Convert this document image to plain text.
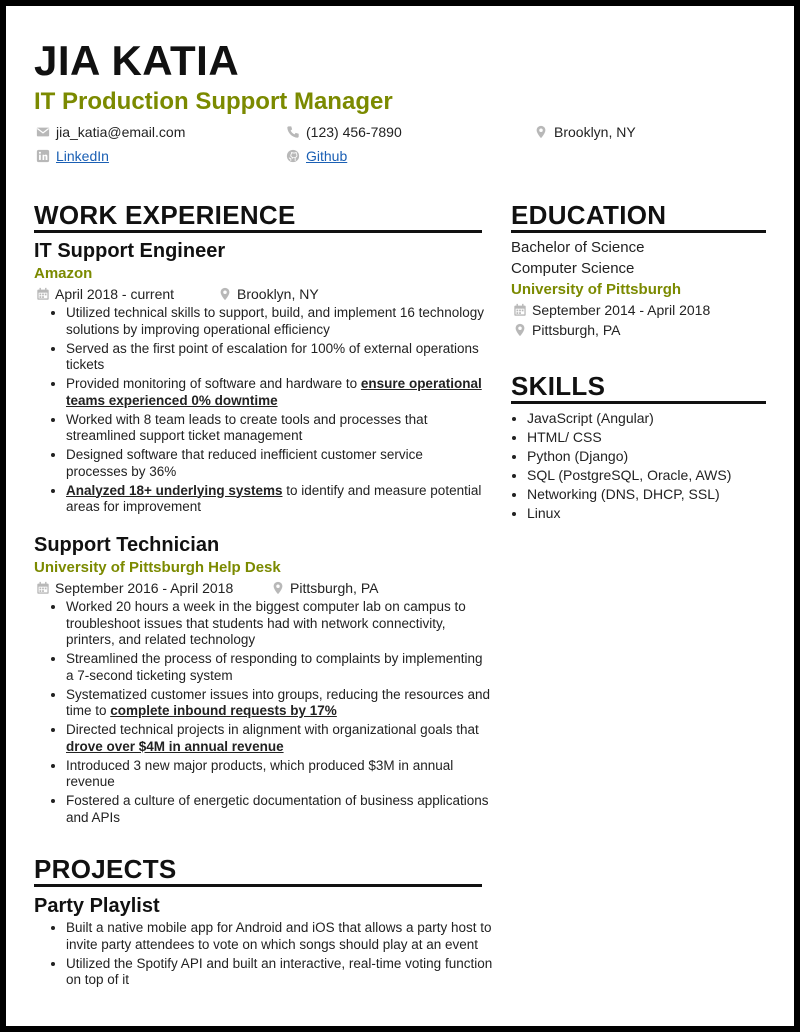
JIA KATIA
IT Production Support Manager
jia_katia@email.com	(123) 456-7890	Brooklyn, NY
LinkedIn	Github
WORK EXPERIENCE
IT Support Engineer
Amazon
April 2018 - current	Brooklyn, NY
• Utilized technical skills to support, build, and implement 16 technology solutions by improving operational efficiency
• Served as the first point of escalation for 100% of external operations tickets
• Provided monitoring of software and hardware to ensure operational teams experienced 0% downtime
• Worked with 8 team leads to create tools and processes that streamlined support ticket management
• Designed software that reduced inefficient customer service processes by 36%
• Analyzed 18+ underlying systems to identify and measure potential areas for improvement
Support Technician
University of Pittsburgh Help Desk
September 2016 - April 2018	Pittsburgh, PA
• Worked 20 hours a week in the biggest computer lab on campus to troubleshoot issues that students had with network connectivity, printers, and related technology
• Streamlined the process of responding to complaints by implementing a 7-second ticketing system
• Systematized customer issues into groups, reducing the resources and time to complete inbound requests by 17%
• Directed technical projects in alignment with organizational goals that drove over $4M in annual revenue
• Introduced 3 new major products, which produced $3M in annual revenue
• Fostered a culture of energetic documentation of business applications and APIs
PROJECTS
Party Playlist
• Built a native mobile app for Android and iOS that allows a party host to invite party attendees to vote on which songs should play at an event
• Utilized the Spotify API and built an interactive, real-time voting function on top of it
EDUCATION
Bachelor of Science
Computer Science
University of Pittsburgh
September 2014 - April 2018
Pittsburgh, PA
SKILLS
• JavaScript (Angular)
• HTML/ CSS
• Python (Django)
• SQL (PostgreSQL, Oracle, AWS)
• Networking (DNS, DHCP, SSL)
• Linux
